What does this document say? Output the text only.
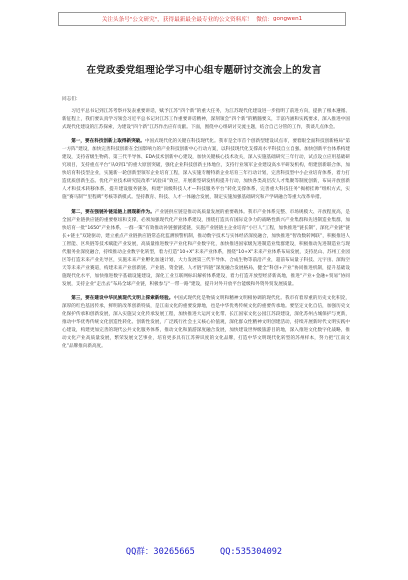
关注头条号"公文研究"，获得最新最全最专业的公文资料库！
微信： gongwen1
在党政委党组理论学习中心组专题研讨交流会上的发言
同志们：

习近平总书记到江苏考察并发表重要讲话，赋予江苏“四个新”的重大任务，为江苏现代化建设进一步指明了前进方向，提供了根本遵循、新征程上，我们要认真学习领会习近平总书记对江苏工作重要讲话精神，深刻领会“四个新”的精髓要义，丰富内涵和实践要求，深入推进中国式现代化建设的江苏探索，为建设“四个新”江苏作出应有贡献。下面，围绕中心组研讨交流主题，结合自己分管的工作，我谈几点体会。

第一，要在科技创新上取得新突破。中国式现代化的关键在科技现代化。我市是全市首个创新型建设试点市，要着眼全面科技创新格局“第一方阵”建设，加快完善科技创新在全国影响力的产业科技创新中心行动方案，以科技现代化支撑高水平科技自立自强。加快创新平台体系构建建设，支持省级生物药、第三代半导体、EDA技术创新中心建设，加快关键核心技术攻关，深入实施基础研究三年行动，试点设立应用基础研究项目，支持重点平台“从0到1”的重大原创突破，强化企业科技创新主体地位，支持行业领军企业建设高水平研发机构，组建创新联合体，加快培育科技型企业，实施新一轮创新型领军企业培育工程，深入实施专精特新企业培育三年行动计划，完善科技型中小企业培育体系，着力打造优质创新生态。优化产业技术研究院改革“试验田”效应，开展新型研发机构提升行动，加快各类高层次人才集聚等制度创新，布局开放创新人才和技术转移体系，提升建设服务链条，构建“顶级科技人才—科技服务平台”转化支撑体系，完善重大科技任务“揭榜挂帅”组织方式，实施“赛马制”“里程碑”考核等新模式。坚持教育、科技、人才一体融合发展，制定实施加强基础研究和产学研融合等重大改革举措。

第二，要在强链补链延链上展现新作为。产业链供应链是推动高质量发展的重要载体。我市产业体系完整、市场规模大、开放程度高，是全国产业链供应链的重要枢纽和支撑，必须加强现代化产业体系建设，围绕打造具有国际竞争力的战略性新兴产业集群和先进制造业集群，加快培育一批“1650”产业体系、一群一策”有效推动补链强链延链，实施产业链链主企业培育“小巨人”工程，加快推进“链长制”，深化产业链“链长+链主”双轮驱动，建立重点产业链供应链常态化监测预警机制，推动数字技术与实体经济深度融合，加快推进“智改数转网联”，积极推进人工智能、区块链等技术赋能产业发展，高质量推进数字产业化和产业数字化，加快推进国家级先进制造业集群建设，积极推动先进制造业与现代服务业深度融合，持续推动企业数字化转型，着力打造“10+X”未来产业体系，围绕“10+X”未来产业体系布局发展，支持昆山、苏州工业园区等打造未来产业先导区，实施未来产业孵化加速计划，大力发展第三代半导体、合成生物等前沿产业，超前布局量子科技、元宇宙、深海空天等未来产业赛道，构建未来产业创新链、产业链、资金链、人才链“四链”深度融合发展格局，健全“科创+产业”协同推进机制，提升基础设施现代化水平，加快推进数字基础设施建设，深化工业互联网标识解析体系建设，着力打造开放型经济新高地，推进“产业+金融+贸易”协同发展，支持企业“走出去”布局全球产业链，积极参与“一带一路”建设，提升对外开放平台能级和外资外贸发展质量。

第三，要在建设中华民族现代文明上探索新经验。中国式现代化是物质文明和精神文明相协调的现代化。我市有着厚重的历史文化积淀，深厚的红色基因传承，鲜明的改革创新特质，是江南文化的重要发源地，也是中华优秀传统文化的重要传承地。要坚定文化自信，加强历史文化保护传承和创新发展，深入实施吴文化传承发展工程，加快推进大运河文化带、长江国家文化公园江苏段建设，深化苏州古城保护与更新，推动中华优秀传统文化创造性转化、创新性发展，广泛践行社会主义核心价值观，深化群众性精神文明创建活动，持续开展新时代文明实践中心建设，构建更加完善的现代公共文化服务体系，推动文化和旅游深度融合发展，加快建设世界级旅游目的地，深入推进文化数字化战略，推动文化产业高质量发展，繁荣发展文艺事业，培育更多具有江苏辨识度的文化品牌，打造中华文明现代化转型的苏州样本，努力把“江南文化”品牌推向新高度。

QQ群：30265665	QQ:535304092
